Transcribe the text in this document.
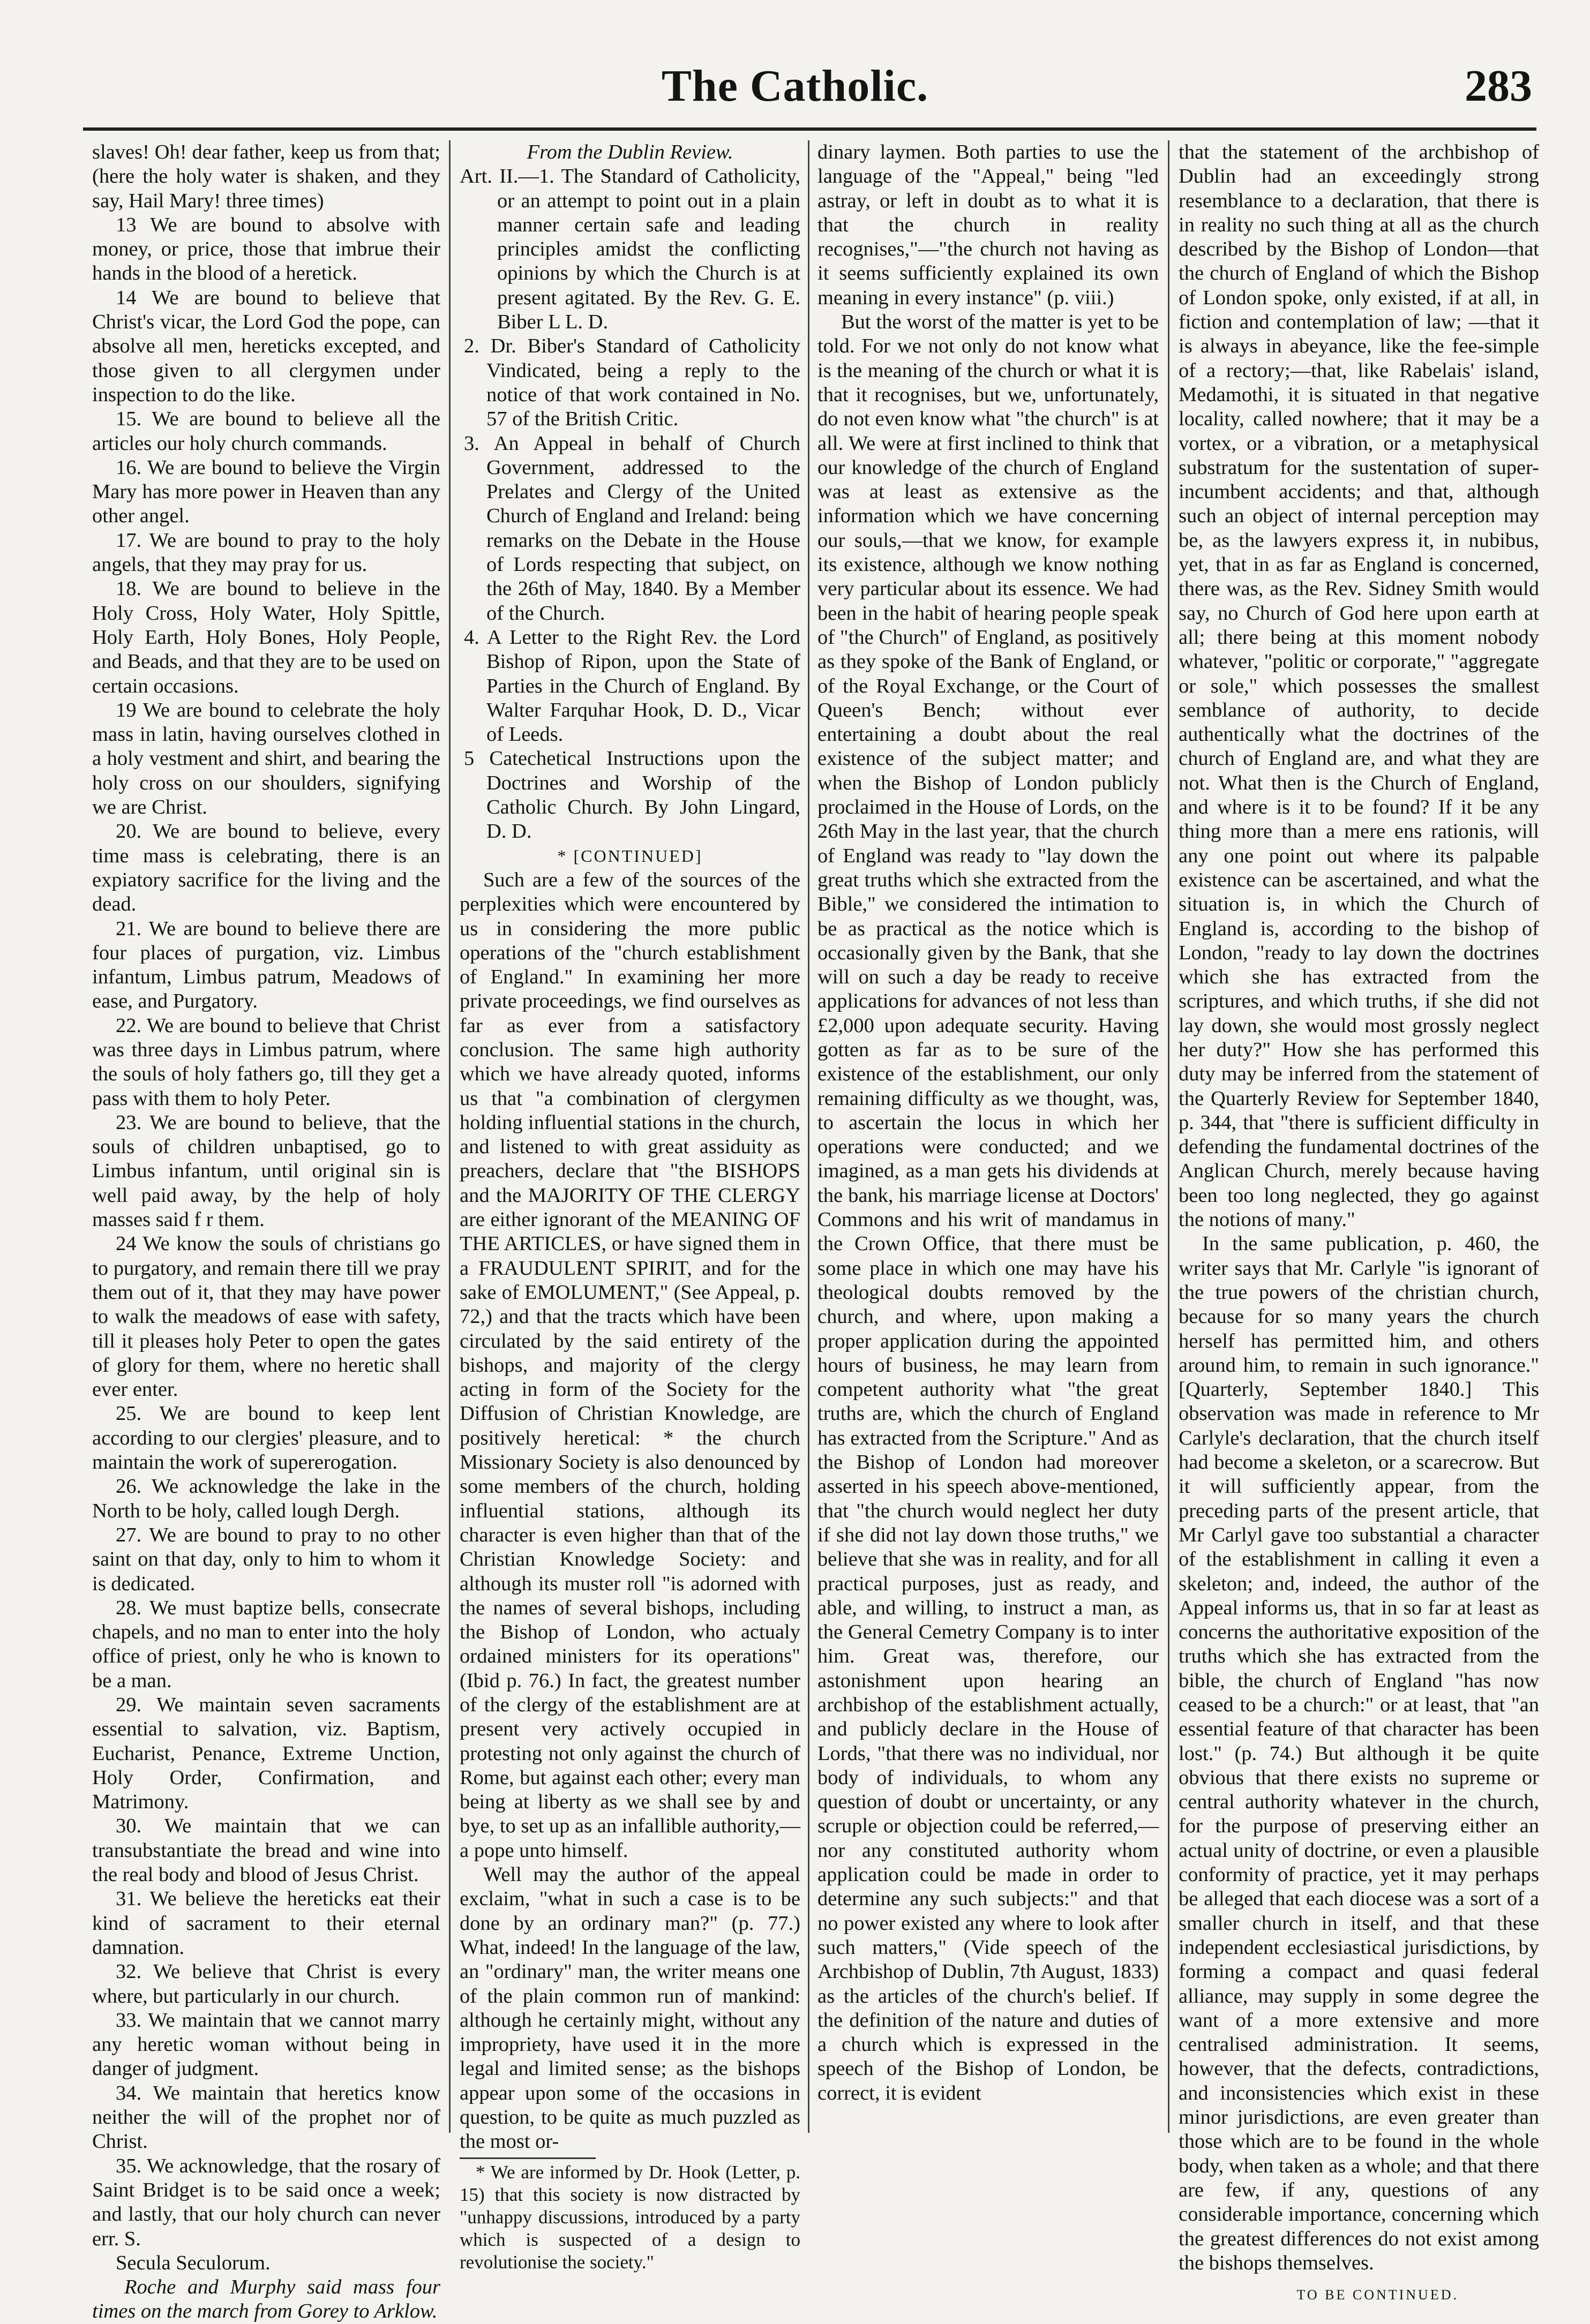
The Catholic.	283

slaves! Oh! dear father, keep us from that; (here the holy water is shaken, and they say, Hail Mary! three times)

13 We are bound to absolve with money, or price, those that imbrue their hands in the blood of a heretick.

14 We are bound to believe that Christ's vicar, the Lord God the pope, can absolve all men, hereticks excepted, and those given to all clergymen under inspection to do the like.

15. We are bound to believe all the articles our holy church commands.

16. We are bound to believe the Virgin Mary has more power in Heaven than any other angel.

17. We are bound to pray to the holy angels, that they may pray for us.

18. We are bound to believe in the Holy Cross, Holy Water, Holy Spittle, Holy Earth, Holy Bones, Holy People, and Beads, and that they are to be used on certain occasions.

19 We are bound to celebrate the holy mass in latin, having ourselves clothed in a holy vestment and shirt, and bearing the holy cross on our shoulders, signifying we are Christ.

20. We are bound to believe, every time mass is celebrating, there is an expiatory sacrifice for the living and the dead.

21. We are bound to believe there are four places of purgation, viz. Limbus infantum, Limbus patrum, Meadows of ease, and Purgatory.

22. We are bound to believe that Christ was three days in Limbus patrum, where the souls of holy fathers go, till they get a pass with them to holy Peter.

23. We are bound to believe, that the souls of children unbaptised, go to Limbus infantum, until original sin is well paid away, by the help of holy masses said f r them.

24 We know the souls of christians go to purgatory, and remain there till we pray them out of it, that they may have power to walk the meadows of ease with safety, till it pleases holy Peter to open the gates of glory for them, where no heretic shall ever enter.

25. We are bound to keep lent according to our clergies' pleasure, and to maintain the work of supererogation.

26. We acknowledge the lake in the North to be holy, called lough Dergh.

27. We are bound to pray to no other saint on that day, only to him to whom it is dedicated.

28. We must baptize bells, consecrate chapels, and no man to enter into the holy office of priest, only he who is known to be a man.

29. We maintain seven sacraments essential to salvation, viz. Baptism, Eucharist, Penance, Extreme Unction, Holy Order, Confirmation, and Matrimony.

30. We maintain that we can transubstantiate the bread and wine into the real body and blood of Jesus Christ.

31. We believe the hereticks eat their kind of sacrament to their eternal damnation.

32. We believe that Christ is every where, but particularly in our church.

33. We maintain that we cannot marry any heretic woman without being in danger of judgment.

34. We maintain that heretics know neither the will of the prophet nor of Christ.

35. We acknowledge, that the rosary of Saint Bridget is to be said once a week; and lastly, that our holy church can never err. S.

Secula Seculorum.

Roche and Murphy said mass four times on the march from Gorey to Arklow.

From the Dublin Review.

Art. II.—1. The Standard of Catholicity, or an attempt to point out in a plain manner certain safe and leading principles amidst the conflicting opinions by which the Church is at present agitated. By the Rev. G. E. Biber L L. D.

2. Dr. Biber's Standard of Catholicity Vindicated, being a reply to the notice of that work contained in No. 57 of the British Critic.

3. An Appeal in behalf of Church Government, addressed to the Prelates and Clergy of the United Church of England and Ireland: being remarks on the Debate in the House of Lords respecting that subject, on the 26th of May, 1840. By a Member of the Church.

4. A Letter to the Right Rev. the Lord Bishop of Ripon, upon the State of Parties in the Church of England. By Walter Farquhar Hook, D. D., Vicar of Leeds.

5 Catechetical Instructions upon the Doctrines and Worship of the Catholic Church. By John Lingard, D. D.

* [CONTINUED]

Such are a few of the sources of the perplexities which were encountered by us in considering the more public operations of the "church establishment of England." In examining her more private proceedings, we find ourselves as far as ever from a satisfactory conclusion. The same high authority which we have already quoted, informs us that "a combination of clergymen holding influential stations in the church, and listened to with great assiduity as preachers, declare that "the BISHOPS and the MAJORITY OF THE CLERGY are either ignorant of the MEANING OF THE ARTICLES, or have signed them in a FRAUDULENT SPIRIT, and for the sake of EMOLUMENT," (See Appeal, p. 72,) and that the tracts which have been circulated by the said entirety of the bishops, and majority of the clergy acting in form of the Society for the Diffusion of Christian Knowledge, are positively heretical: * the church Missionary Society is also denounced by some members of the church, holding influential stations, although its character is even higher than that of the Christian Knowledge Society: and although its muster roll "is adorned with the names of several bishops, including the Bishop of London, who actualy ordained ministers for its operations" (Ibid p. 76.) In fact, the greatest number of the clergy of the establishment are at present very actively occupied in protesting not only against the church of Rome, but against each other; every man being at liberty as we shall see by and bye, to set up as an infallible authority,—a pope unto himself.

Well may the author of the appeal exclaim, "what in such a case is to be done by an ordinary man?" (p. 77.) What, indeed! In the language of the law, an "ordinary" man, the writer means one of the plain common run of mankind: although he certainly might, without any impropriety, have used it in the more legal and limited sense; as the bishops appear upon some of the occasions in question, to be quite as much puzzled as the most or-

* We are informed by Dr. Hook (Letter, p. 15) that this society is now distracted by "unhappy discussions, introduced by a party which is suspected of a design to revolutionise the society."

dinary laymen. Both parties to use the language of the "Appeal," being "led astray, or left in doubt as to what it is that the church in reality recognises,"—"the church not having as it seems sufficiently explained its own meaning in every instance" (p. viii.)

But the worst of the matter is yet to be told. For we not only do not know what is the meaning of the church or what it is that it recognises, but we, unfortunately, do not even know what "the church" is at all. We were at first inclined to think that our knowledge of the church of England was at least as extensive as the information which we have concerning our souls,—that we know, for example its existence, although we know nothing very particular about its essence. We had been in the habit of hearing people speak of "the Church" of England, as positively as they spoke of the Bank of England, or of the Royal Exchange, or the Court of Queen's Bench; without ever entertaining a doubt about the real existence of the subject matter; and when the Bishop of London publicly proclaimed in the House of Lords, on the 26th May in the last year, that the church of England was ready to "lay down the great truths which she extracted from the Bible," we considered the intimation to be as practical as the notice which is occasionally given by the Bank, that she will on such a day be ready to receive applications for advances of not less than £2,000 upon adequate security. Having gotten as far as to be sure of the existence of the establishment, our only remaining difficulty as we thought, was, to ascertain the locus in which her operations were conducted; and we imagined, as a man gets his dividends at the bank, his marriage license at Doctors' Commons and his writ of mandamus in the Crown Office, that there must be some place in which one may have his theological doubts removed by the church, and where, upon making a proper application during the appointed hours of business, he may learn from competent authority what "the great truths are, which the church of England has extracted from the Scripture." And as the Bishop of London had moreover asserted in his speech above-mentioned, that "the church would neglect her duty if she did not lay down those truths," we believe that she was in reality, and for all practical purposes, just as ready, and able, and willing, to instruct a man, as the General Cemetry Company is to inter him. Great was, therefore, our astonishment upon hearing an archbishop of the establishment actually, and publicly declare in the House of Lords, "that there was no individual, nor body of individuals, to whom any question of doubt or uncertainty, or any scruple or objection could be referred,—nor any constituted authority whom application could be made in order to determine any such subjects:" and that no power existed any where to look after such matters," (Vide speech of the Archbishop of Dublin, 7th August, 1833) as the articles of the church's belief. If the definition of the nature and duties of a church which is expressed in the speech of the Bishop of London, be correct, it is evident

that the statement of the archbishop of Dublin had an exceedingly strong resemblance to a declaration, that there is in reality no such thing at all as the church described by the Bishop of London—that the church of England of which the Bishop of London spoke, only existed, if at all, in fiction and contemplation of law; —that it is always in abeyance, like the fee-simple of a rectory;—that, like Rabelais' island, Medamothi, it is situated in that negative locality, called nowhere; that it may be a vortex, or a vibration, or a metaphysical substratum for the sustentation of super-incumbent accidents; and that, although such an object of internal perception may be, as the lawyers express it, in nubibus, yet, that in as far as England is concerned, there was, as the Rev. Sidney Smith would say, no Church of God here upon earth at all; there being at this moment nobody whatever, "politic or corporate," "aggregate or sole," which possesses the smallest semblance of authority, to decide authentically what the doctrines of the church of England are, and what they are not. What then is the Church of England, and where is it to be found? If it be any thing more than a mere ens rationis, will any one point out where its palpable existence can be ascertained, and what the situation is, in which the Church of England is, according to the bishop of London, "ready to lay down the doctrines which she has extracted from the scriptures, and which truths, if she did not lay down, she would most grossly neglect her duty?" How she has performed this duty may be inferred from the statement of the Quarterly Review for September 1840, p. 344, that "there is sufficient difficulty in defending the fundamental doctrines of the Anglican Church, merely because having been too long neglected, they go against the notions of many."

In the same publication, p. 460, the writer says that Mr. Carlyle "is ignorant of the true powers of the christian church, because for so many years the church herself has permitted him, and others around him, to remain in such ignorance." [Quarterly, September 1840.] This observation was made in reference to Mr Carlyle's declaration, that the church itself had become a skeleton, or a scarecrow. But it will sufficiently appear, from the preceding parts of the present article, that Mr Carlyl gave too substantial a character of the establishment in calling it even a skeleton; and, indeed, the author of the Appeal informs us, that in so far at least as concerns the authoritative exposition of the truths which she has extracted from the bible, the church of England "has now ceased to be a church:" or at least, that "an essential feature of that character has been lost." (p. 74.) But although it be quite obvious that there exists no supreme or central authority whatever in the church, for the purpose of preserving either an actual unity of doctrine, or even a plausible conformity of practice, yet it may perhaps be alleged that each diocese was a sort of a smaller church in itself, and that these independent ecclesiastical jurisdictions, by forming a compact and quasi federal alliance, may supply in some degree the want of a more extensive and more centralised administration. It seems, however, that the defects, contradictions, and inconsistencies which exist in these minor jurisdictions, are even greater than those which are to be found in the whole body, when taken as a whole; and that there are few, if any, questions of any considerable importance, concerning which the greatest differences do not exist among the bishops themselves.

TO BE CONTINUED.
